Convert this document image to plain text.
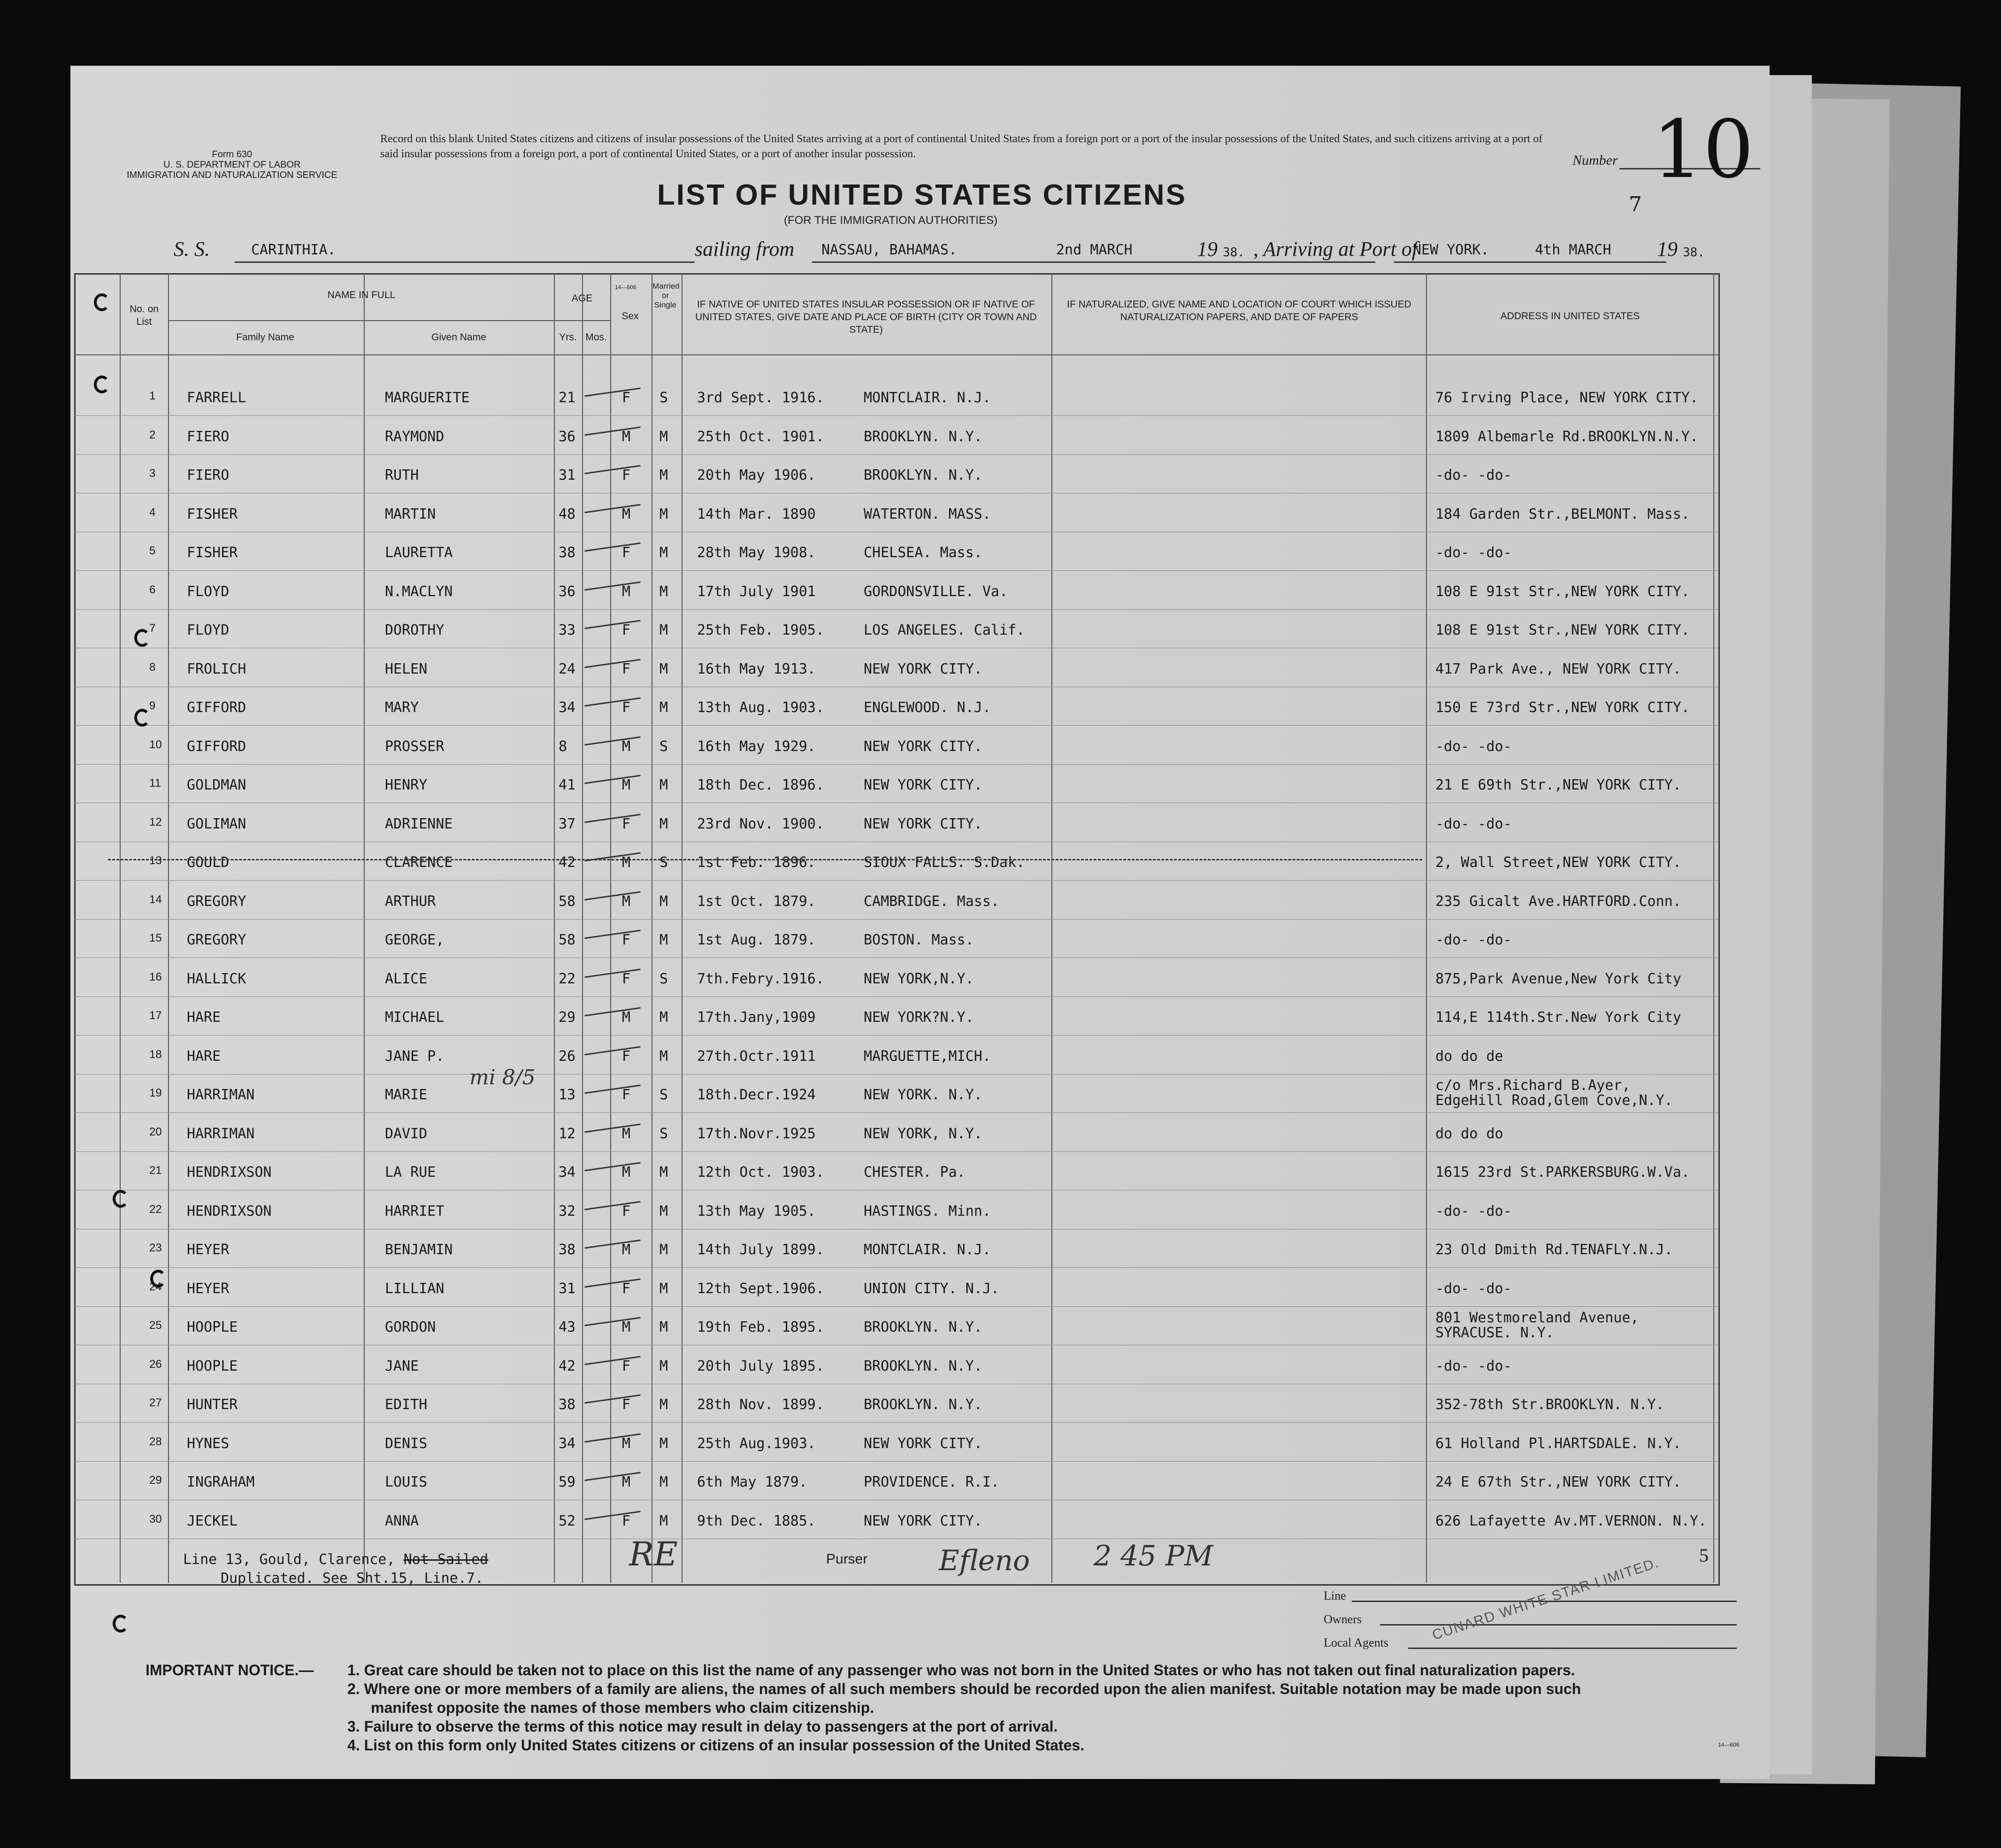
Form 630
U. S. DEPARTMENT OF LABOR
IMMIGRATION AND NATURALIZATION SERVICE
Record on this blank United States citizens and citizens of insular possessions of the United States arriving at a port of continental United States from a foreign port or a port of the insular possessions of the United States, and such citizens arriving at a port of said insular possessions from a foreign port, a port of continental United States, or a port of another insular possession.	Number 10
7
LIST OF UNITED STATES CITIZENS
(FOR THE IMMIGRATION AUTHORITIES)
S. S.	CARINTHIA.
14—606
sailing from NASSAU, BAHAMAS.	2nd MARCH	19 38. , Arriving at Port of
NEW YORK.	4th MARCH 19 38.
No. on List
NAME IN FULL
Family Name	Given Name
AGE
Yrs. Mos.
Sex
Married or Single	IF NATIVE OF UNITED STATES INSULAR POSSESSION OR IF NATIVE OF UNITED STATES, GIVE DATE AND PLACE OF BIRTH (CITY OR TOWN AND STATE)
IF NATURALIZED, GIVE NAME AND LOCATION OF COURT WHICH ISSUED NATURALIZATION PAPERS, AND DATE OF PAPERS	ADDRESS IN UNITED STATES
1 FARRELL	MARGUERITE	21	F S 3rd Sept. 1916.	MONTCLAIR. N.J.	76 Irving Place, NEW YORK CITY.
2 FIERO	RAYMOND	36	M M 25th Oct. 1901.	BROOKLYN. N.Y.	1809 Albemarle Rd.BROOKLYN.N.Y.
3 FIERO	RUTH	31	F M 20th May 1906.	BROOKLYN. N.Y.	-do- -do-
4 FISHER	MARTIN	48	M M 14th Mar. 1890	WATERTON. MASS.	184 Garden Str.,BELMONT. Mass.
5 FISHER	LAURETTA	38	F M 28th May 1908.	CHELSEA. Mass.	-do- -do-
6 FLOYD	N.MACLYN	36	M M 17th July 1901	GORDONSVILLE. Va.	108 E 91st Str.,NEW YORK CITY.
7 FLOYD	DOROTHY	33	F M 25th Feb. 1905.	LOS ANGELES. Calif.	108 E 91st Str.,NEW YORK CITY.
8 FROLICH	HELEN	24	F M 16th May 1913.	NEW YORK CITY.	417 Park Ave., NEW YORK CITY.
9 GIFFORD	MARY	34	F M 13th Aug. 1903.	ENGLEWOOD. N.J.	150 E 73rd Str.,NEW YORK CITY.
10 GIFFORD	PROSSER	8	M S 16th May 1929.	NEW YORK CITY.	-do- -do-
11 GOLDMAN	HENRY	41	M M 18th Dec. 1896.	NEW YORK CITY.	21 E 69th Str.,NEW YORK CITY.
12 GOLIMAN	ADRIENNE	37	F M 23rd Nov. 1900.	NEW YORK CITY.	-do- -do-
13 GOULD	CLARENCE	42	M S 1st Feb. 1896.	SIOUX FALLS. S.Dak.	2, Wall Street,NEW YORK CITY.
14 GREGORY	ARTHUR	58	M M 1st Oct. 1879.	CAMBRIDGE. Mass.	235 Gicalt Ave.HARTFORD.Conn.
15 GREGORY	GEORGE,	58	F M 1st Aug. 1879.	BOSTON. Mass.	-do- -do-
16 HALLICK	ALICE	22	F S 7th.Febry.1916.	NEW YORK,N.Y.	875,Park Avenue,New York City
17 HARE	MICHAEL	29	M M 17th.Jany,1909	NEW YORK?N.Y.	114,E 114th.Str.New York City
18 HARE	JANE P.	26	F M 27th.Octr.1911	MARGUETTE,MICH.	do do de
19 HARRIMAN	MARIE	13	F S 18th.Decr.1924	NEW YORK. N.Y.
c/o Mrs.Richard B.Ayer,
EdgeHill Road,Glem Cove,N.Y.
20 HARRIMAN	DAVID	12	M S 17th.Novr.1925	NEW YORK, N.Y.	do do do
21 HENDRIXSON	LA RUE	34	M M 12th Oct. 1903.	CHESTER. Pa.	1615 23rd St.PARKERSBURG.W.Va.
22 HENDRIXSON	HARRIET	32	F M 13th May 1905.	HASTINGS. Minn.	-do- -do-
23 HEYER	BENJAMIN	38	M M 14th July 1899.	MONTCLAIR. N.J.	23 Old Dmith Rd.TENAFLY.N.J.
24 HEYER	LILLIAN	31	F M 12th Sept.1906.	UNION CITY. N.J.	-do- -do-
25 HOOPLE	GORDON	43	M M 19th Feb. 1895.	BROOKLYN. N.Y.
801 Westmoreland Avenue,
SYRACUSE. N.Y.
26 HOOPLE	JANE	42	F M 20th July 1895.	BROOKLYN. N.Y.	-do- -do-
27 HUNTER	EDITH	38	F M 28th Nov. 1899.	BROOKLYN. N.Y.	352-78th Str.BROOKLYN. N.Y.
28 HYNES	DENIS	34	M M 25th Aug.1903.	NEW YORK CITY.	61 Holland Pl.HARTSDALE. N.Y.
29 INGRAHAM	LOUIS	59	M M 6th May 1879.	PROVIDENCE. R.I.	24 E 67th Str.,NEW YORK CITY.
30 JECKEL	ANNA	52	F M 9th Dec. 1885.	NEW YORK CITY.	626 Lafayette Av.MT.VERNON. N.Y.
Line 13, Gould, Clarence, Not Sailed
Duplicated. See Sht.15, Line.7.
Purser
RE	Efleno 2 45 PM
mi 8/5
5
Line
Owners
Local Agents	CUNARD WHITE STAR LIMITED.
IMPORTANT NOTICE.— 1. Great care should be taken not to place on this list the name of any passenger who was not born in the United States or who has not taken out final naturalization papers.
2. Where one or more members of a family are aliens, the names of all such members should be recorded upon the alien manifest. Suitable notation may be made upon such
manifest opposite the names of those members who claim citizenship.
3. Failure to observe the terms of this notice may result in delay to passengers at the port of arrival.
4. List on this form only United States citizens or citizens of an insular possession of the United States.	14—606
